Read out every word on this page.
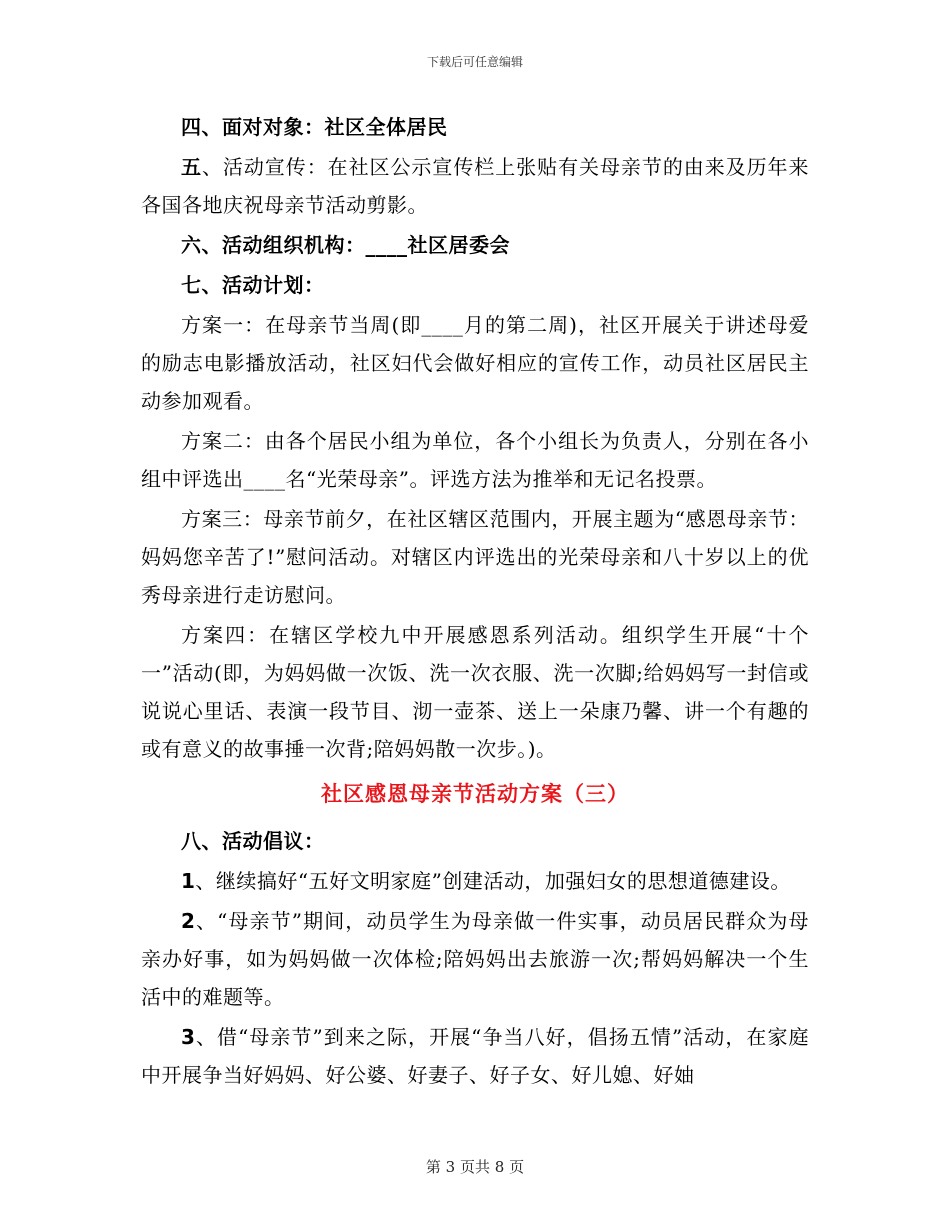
下载后可任意编辑

四、面对对象：社区全体居民

五、活动宣传：在社区公示宣传栏上张贴有关母亲节的由来及历年来各国各地庆祝母亲节活动剪影。

六、活动组织机构：____社区居委会

七、活动计划：

方案一：在母亲节当周(即____月的第二周)，社区开展关于讲述母爱的励志电影播放活动，社区妇代会做好相应的宣传工作，动员社区居民主动参加观看。

方案二：由各个居民小组为单位，各个小组长为负责人，分别在各小组中评选出____名“光荣母亲”。评选方法为推举和无记名投票。

方案三：母亲节前夕，在社区辖区范围内，开展主题为“感恩母亲节：妈妈您辛苦了!”慰问活动。对辖区内评选出的光荣母亲和八十岁以上的优秀母亲进行走访慰问。

方案四：在辖区学校九中开展感恩系列活动。组织学生开展“十个一”活动(即，为妈妈做一次饭、洗一次衣服、洗一次脚;给妈妈写一封信或说说心里话、表演一段节目、沏一壶茶、送上一朵康乃馨、讲一个有趣的或有意义的故事捶一次背;陪妈妈散一次步。)。

社区感恩母亲节活动方案（三）

八、活动倡议：

1、继续搞好“五好文明家庭”创建活动，加强妇女的思想道德建设。

2、“母亲节”期间，动员学生为母亲做一件实事，动员居民群众为母亲办好事，如为妈妈做一次体检;陪妈妈出去旅游一次;帮妈妈解决一个生活中的难题等。

3、借“母亲节”到来之际，开展“争当八好，倡扬五情”活动，在家庭中开展争当好妈妈、好公婆、好妻子、好子女、好儿媳、好妯

第 3 页共 8 页
